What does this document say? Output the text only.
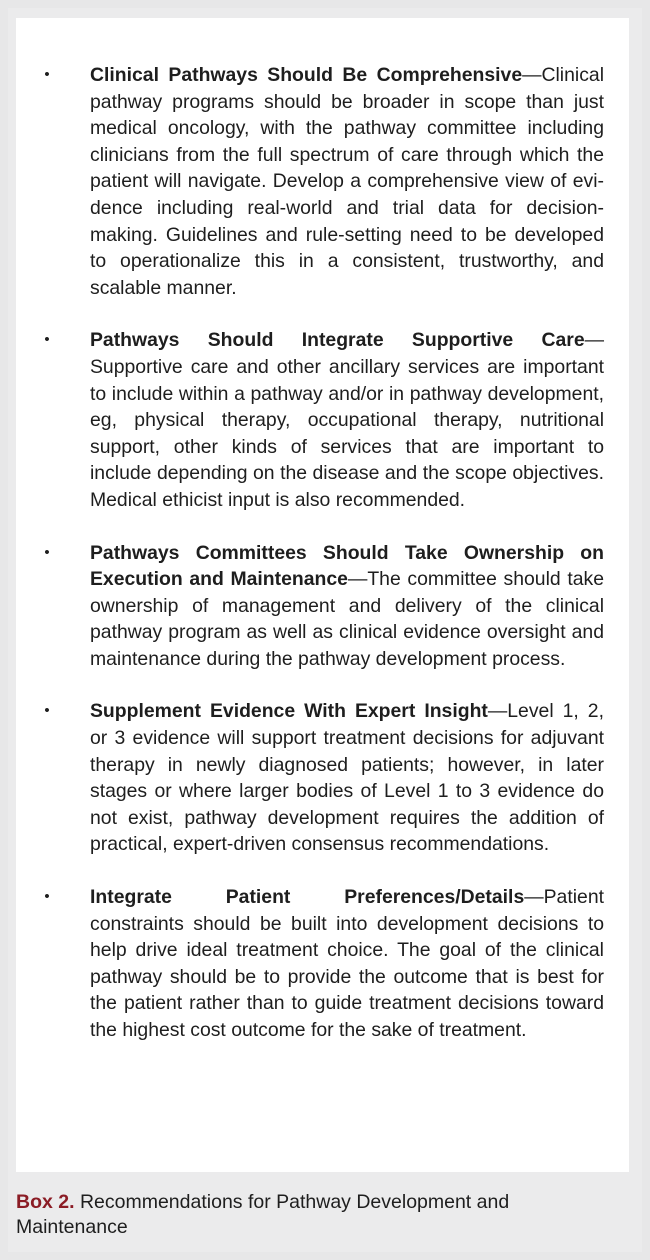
• Clinical Pathways Should Be Comprehensive—Clinical pathway programs should be broader in scope than just medical oncology, with the pathway committee including clinicians from the full spectrum of care through which the patient will navigate. Develop a comprehensive view of evidence including real-world and trial data for decision-making. Guidelines and rule-setting need to be developed to operationalize this in a consistent, trustworthy, and scalable manner.
• Pathways Should Integrate Supportive Care—Supportive care and other ancillary services are important to include within a pathway and/or in pathway development, eg, physical therapy, occupational therapy, nutritional support, other kinds of services that are important to include depending on the disease and the scope objectives. Medical ethicist input is also recommended.
• Pathways Committees Should Take Ownership on Execution and Maintenance—The committee should take ownership of management and delivery of the clinical pathway program as well as clinical evidence oversight and maintenance during the pathway development process.
• Supplement Evidence With Expert Insight—Level 1, 2, or 3 evidence will support treatment decisions for adjuvant therapy in newly diagnosed patients; however, in later stages or where larger bodies of Level 1 to 3 evidence do not exist, pathway development requires the addition of practical, expert-driven consensus recommendations.
• Integrate Patient Preferences/Details—Patient constraints should be built into development decisions to help drive ideal treatment choice. The goal of the clinical pathway should be to provide the outcome that is best for the patient rather than to guide treatment decisions toward the highest cost outcome for the sake of treatment.
Box 2. Recommendations for Pathway Development and Maintenance
